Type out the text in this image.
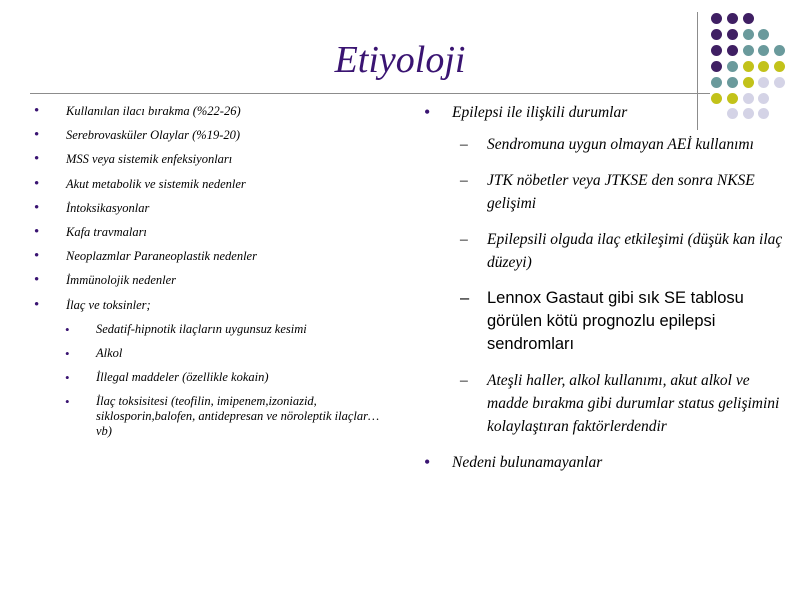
Etiyoloji
• Kullanılan ilacı bırakma (%22-26)
• Serebrovasküler Olaylar (%19-20)
• MSS veya sistemik enfeksiyonları
• Akut metabolik ve sistemik nedenler
• İntoksikasyonlar
• Kafa travmaları
• Neoplazmlar Paraneoplastik nedenler
• İmmünolojik nedenler
• İlaç ve toksinler;
• Sedatif-hipnotik ilaçların uygunsuz kesimi
• Alkol
• İllegal maddeler (özellikle kokain)
• İlaç toksisitesi (teofilin, imipenem,izoniazid, siklosporin,balofen, antidepresan ve nöroleptik ilaçlar… vb)
• Epilepsi ile ilişkili durumlar
– Sendromuna uygun olmayan AEİ kullanımı
– JTK nöbetler veya JTKSE den sonra NKSE gelişimi
– Epilepsili olguda ilaç etkileşimi (düşük kan ilaç düzeyi)
– Lennox Gastaut gibi sık SE tablosu görülen kötü prognozlu epilepsi sendromları
– Ateşli haller, alkol kullanımı, akut alkol ve madde bırakma gibi durumlar status gelişimini kolaylaştıran faktörlerdendir
• Nedeni bulunamayanlar
